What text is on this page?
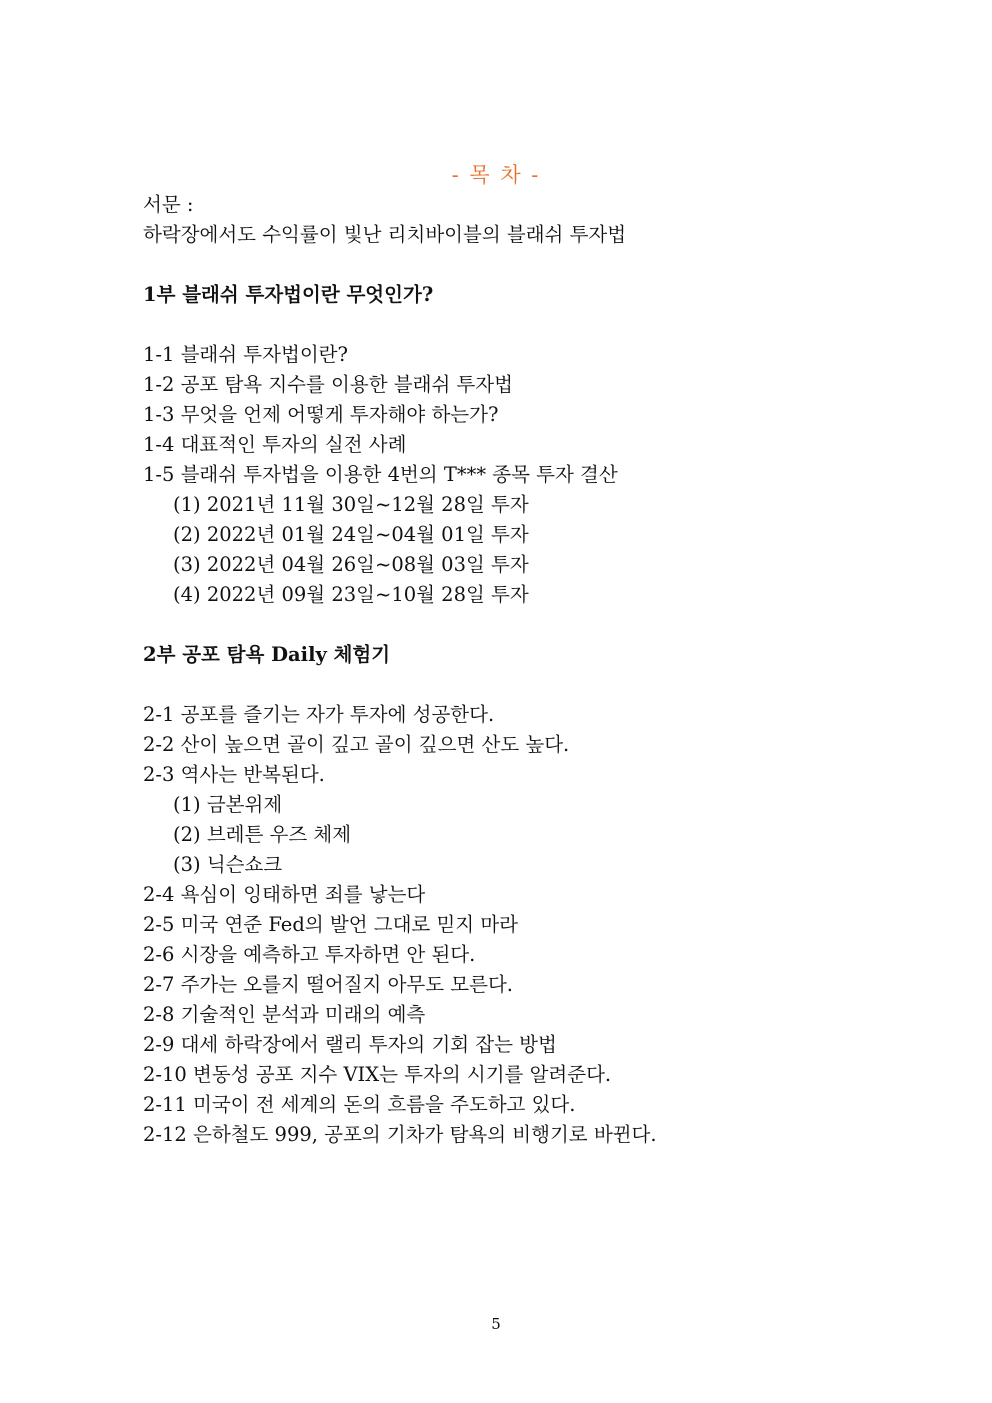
- 목 차 -
서문 :
하락장에서도 수익률이 빛난 리치바이블의 블래쉬 투자법
1부 블래쉬 투자법이란 무엇인가?
1-1 블래쉬 투자법이란?
1-2 공포 탐욕 지수를 이용한 블래쉬 투자법
1-3 무엇을 언제 어떻게 투자해야 하는가?
1-4 대표적인 투자의 실전 사례
1-5 블래쉬 투자법을 이용한 4번의 T*** 종목 투자 결산
(1) 2021년 11월 30일~12월 28일 투자
(2) 2022년 01월 24일~04월 01일 투자
(3) 2022년 04월 26일~08월 03일 투자
(4) 2022년 09월 23일~10월 28일 투자
2부 공포 탐욕 Daily 체험기
2-1 공포를 즐기는 자가 투자에 성공한다.
2-2 산이 높으면 골이 깊고 골이 깊으면 산도 높다.
2-3 역사는 반복된다.
(1) 금본위제
(2) 브레튼 우즈 체제
(3) 닉슨쇼크
2-4 욕심이 잉태하면 죄를 낳는다
2-5 미국 연준 Fed의 발언 그대로 믿지 마라
2-6 시장을 예측하고 투자하면 안 된다.
2-7 주가는 오를지 떨어질지 아무도 모른다.
2-8 기술적인 분석과 미래의 예측
2-9 대세 하락장에서 랠리 투자의 기회 잡는 방법
2-10 변동성 공포 지수 VIX는 투자의 시기를 알려준다.
2-11 미국이 전 세계의 돈의 흐름을 주도하고 있다.
2-12 은하철도 999, 공포의 기차가 탐욕의 비행기로 바뀐다.
5
